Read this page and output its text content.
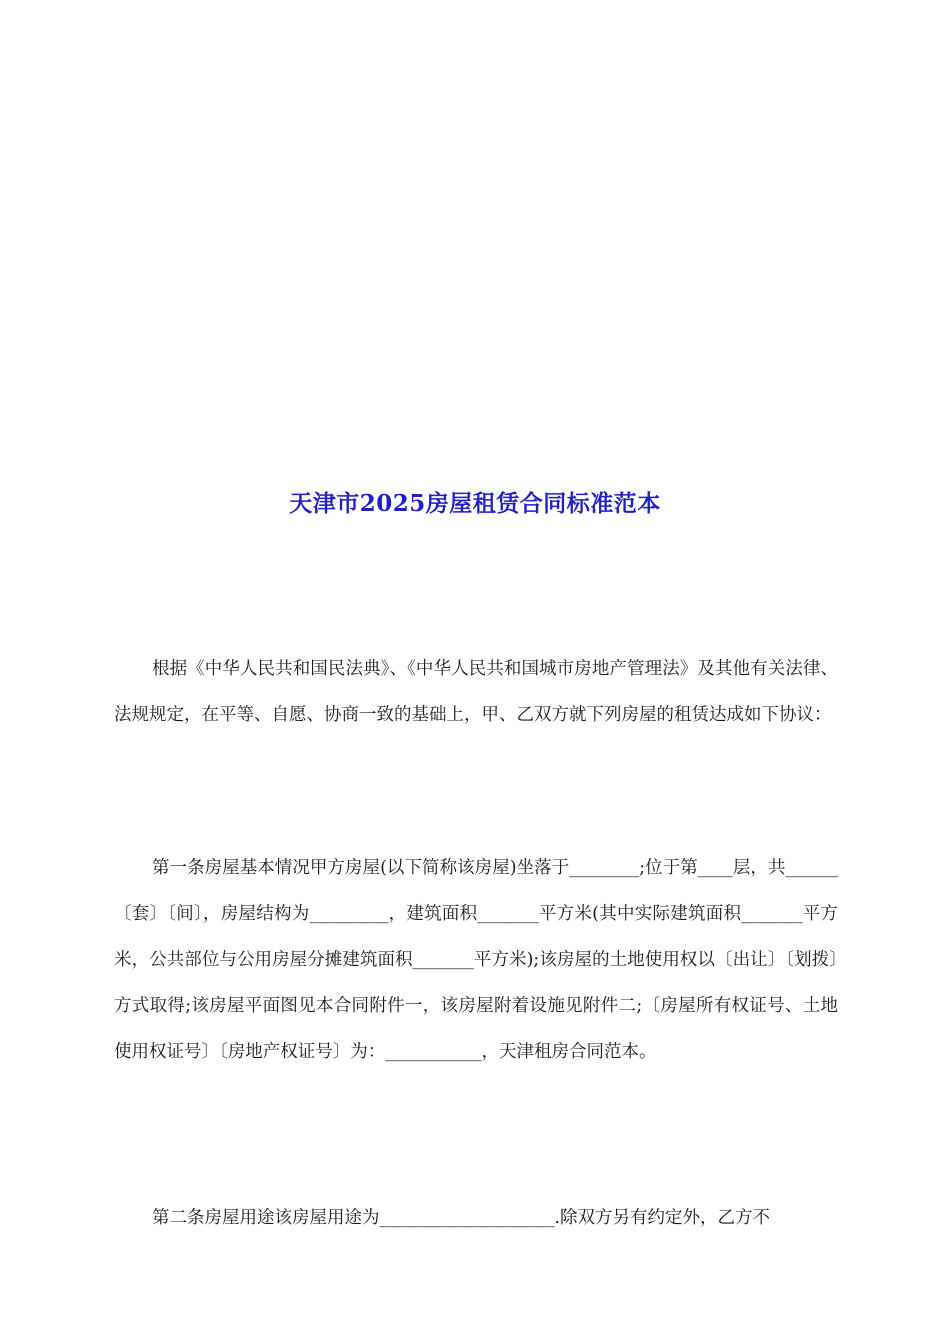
天津市2025房屋租赁合同标准范本

根据《中华人民共和国民法典》、《中华人民共和国城市房地产管理法》及其他有关法律、法规规定，在平等、自愿、协商一致的基础上，甲、乙双方就下列房屋的租赁达成如下协议：

第一条房屋基本情况甲方房屋(以下简称该房屋)坐落于________;位于第____层，共______〔套〕〔间〕，房屋结构为_________，建筑面积_______平方米(其中实际建筑面积_______平方米，公共部位与公用房屋分摊建筑面积_______平方米);该房屋的土地使用权以〔出让〕〔划拨〕方式取得;该房屋平面图见本合同附件一，该房屋附着设施见附件二;〔房屋所有权证号、土地使用权证号〕〔房地产权证号〕为：___________，天津租房合同范本。

第二条房屋用途该房屋用途为____________________.除双方另有约定外，乙方不
